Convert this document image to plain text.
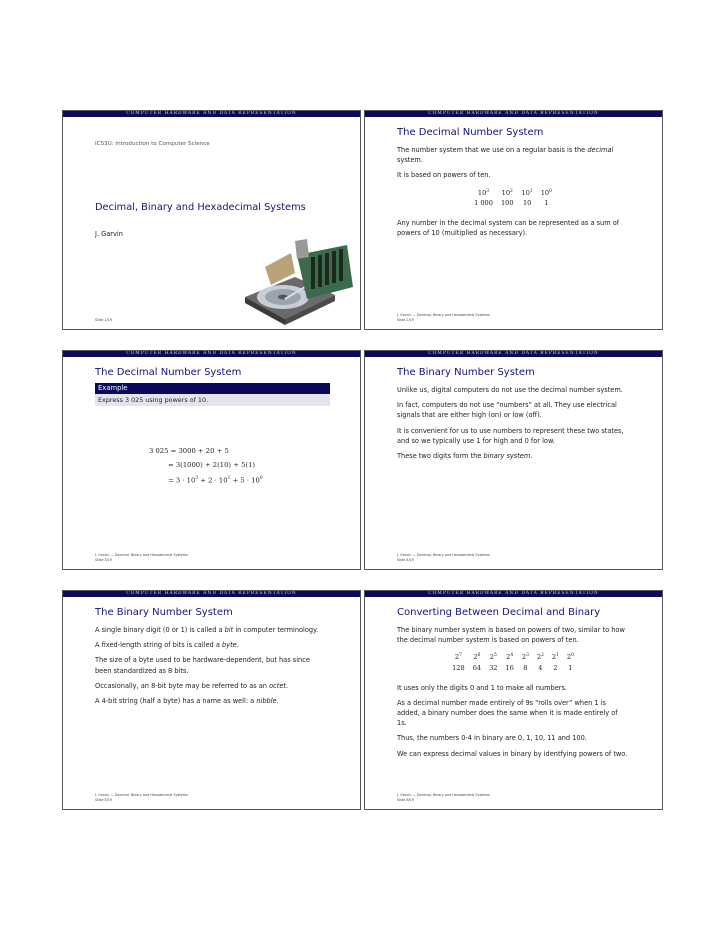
COMPUTER HARDWARE AND DATA REPRESENTATION
ICS3U: Introduction to Computer Science
Decimal, Binary and Hexadecimal Systems
J. Garvin
Slide 1/19
COMPUTER HARDWARE AND DATA REPRESENTATION
The Decimal Number System

The number system that we use on a regular basis is the decimal system.

It is based on powers of ten.

$10^3$	$10^2$	$10^1$	$10^0$
1 000	100	10	1

Any number in the decimal system can be represented as a sum of powers of 10 (multiplied as necessary).

J. Garvin — Decimal, Binary and Hexadecimal Systems
Slide 2/19
COMPUTER HARDWARE AND DATA REPRESENTATION
The Decimal Number System
Example
Express 3 025 using powers of 10.
3 025 = 3000 + 20 + 5
= 3(1000) + 2(10) + 5(1)
= $3 \cdot 10^3 + 2 \cdot 10^1 + 5 \cdot 10^0$
J. Garvin — Decimal, Binary and Hexadecimal Systems
Slide 3/19
COMPUTER HARDWARE AND DATA REPRESENTATION
The Binary Number System

Unlike us, digital computers do not use the decimal number system.

In fact, computers do not use “numbers” at all. They use electrical signals that are either high (on) or low (off).

It is convenient for us to use numbers to represent these two states, and so we typically use 1 for high and 0 for low.

These two digits form the binary system.

J. Garvin — Decimal, Binary and Hexadecimal Systems
Slide 4/19
COMPUTER HARDWARE AND DATA REPRESENTATION
The Binary Number System

A single binary digit (0 or 1) is called a bit in computer terminology.

A fixed-length string of bits is called a byte.

The size of a byte used to be hardware-dependent, but has since been standardized as 8 bits.

Occasionally, an 8-bit byte may be referred to as an octet.

A 4-bit string (half a byte) has a name as well: a nibble.

J. Garvin — Decimal, Binary and Hexadecimal Systems
Slide 5/19
COMPUTER HARDWARE AND DATA REPRESENTATION
Converting Between Decimal and Binary

The binary number system is based on powers of two, similar to how the decimal number system is based on powers of ten.

$2^7$	$2^6$	$2^5$	$2^4$	$2^3$	$2^2$	$2^1$	$2^0$
128	64	32	16	8	4	2	1

It uses only the digits 0 and 1 to make all numbers.

As a decimal number made entirely of 9s “rolls over” when 1 is added, a binary number does the same when it is made entirely of 1s.

Thus, the numbers 0-4 in binary are 0, 1, 10, 11 and 100.

We can express decimal values in binary by identfying powers of two.

J. Garvin — Decimal, Binary and Hexadecimal Systems
Slide 6/19
